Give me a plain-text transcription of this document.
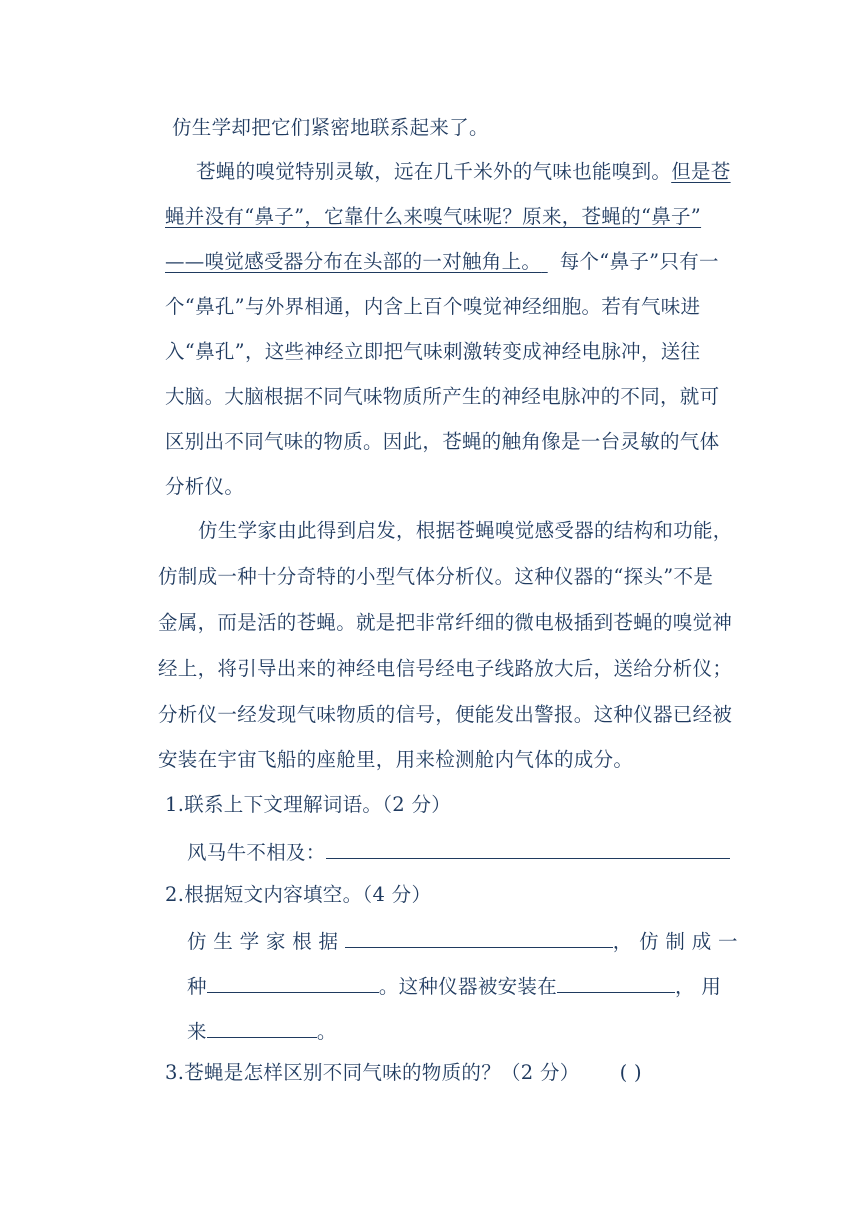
仿生学却把它们紧密地联系起来了。
苍蝇的嗅觉特别灵敏，远在几千米外的气味也能嗅到。但是苍
蝇并没有“鼻子”，它靠什么来嗅气味呢？原来，苍蝇的“鼻子”
——嗅觉感受器分布在头部的一对触角上。 每个“鼻子”只有一
个“鼻孔”与外界相通，内含上百个嗅觉神经细胞。若有气味进
入“鼻孔”，这些神经立即把气味刺激转变成神经电脉冲，送往
大脑。大脑根据不同气味物质所产生的神经电脉冲的不同，就可
区别出不同气味的物质。因此，苍蝇的触角像是一台灵敏的气体
分析仪。
仿生学家由此得到启发，根据苍蝇嗅觉感受器的结构和功能，
仿制成一种十分奇特的小型气体分析仪。这种仪器的“探头”不是
金属，而是活的苍蝇。就是把非常纤细的微电极插到苍蝇的嗅觉神
经上，将引导出来的神经电信号经电子线路放大后，送给分析仪；
分析仪一经发现气味物质的信号，便能发出警报。这种仪器已经被
安装在宇宙飞船的座舱里，用来检测舱内气体的成分。
1.联系上下文理解词语。（2 分）
风马牛不相及：
2.根据短文内容填空。（4 分）
仿 生 学 家 根 据	， 仿 制 成 一
种	。这种仪器被安装在	， 用
来	。
3.苍蝇是怎样区别不同气味的物质的？（2 分） ( )
